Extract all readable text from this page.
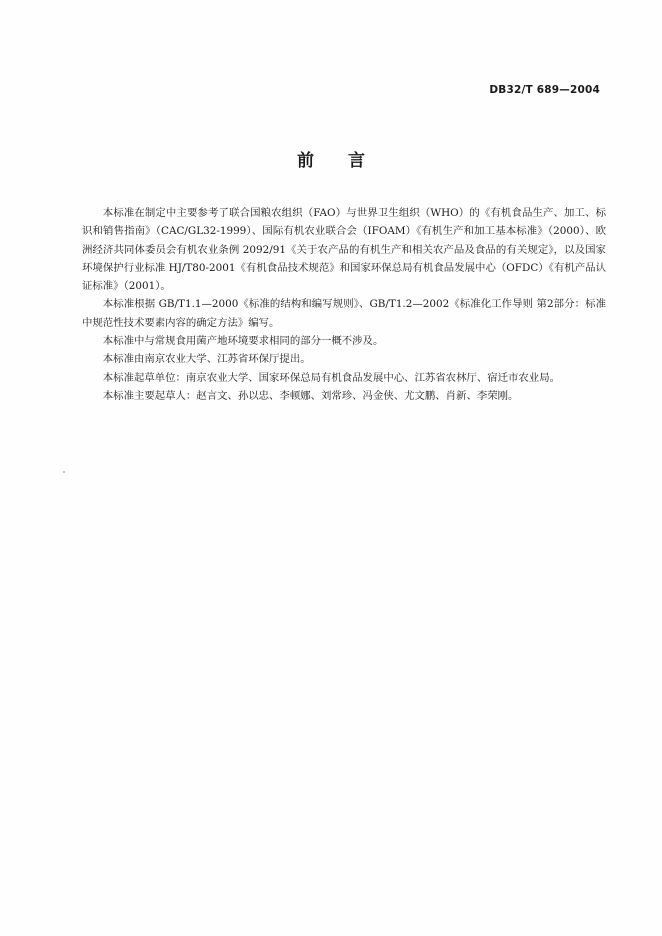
DB32/T 689—2004
前言

本标准在制定中主要参考了联合国粮农组织（FAO）与世界卫生组织（WHO）的《有机食品生产、加工、标识和销售指南》（CAC/GL32-1999）、国际有机农业联合会（IFOAM）《有机生产和加工基本标准》（2000）、欧洲经济共同体委员会有机农业条例 2092/91《关于农产品的有机生产和相关农产品及食品的有关规定》，以及国家环境保护行业标准 HJ/T80-2001《有机食品技术规范》和国家环保总局有机食品发展中心（OFDC）《有机产品认证标准》（2001）。

本标准根据 GB/T1.1—2000《标准的结构和编写规则》、GB/T1.2—2002《标准化工作导则 第2部分：标准中规范性技术要素内容的确定方法》编写。

本标准中与常规食用菌产地环境要求相同的部分一概不涉及。

本标准由南京农业大学、江苏省环保厅提出。

本标准起草单位：南京农业大学、国家环保总局有机食品发展中心、江苏省农林厅、宿迁市农业局。

本标准主要起草人：赵言文、孙以忠、李顿娜、刘常珍、冯金侠、尤文鹏、肖新、李荣刚。
